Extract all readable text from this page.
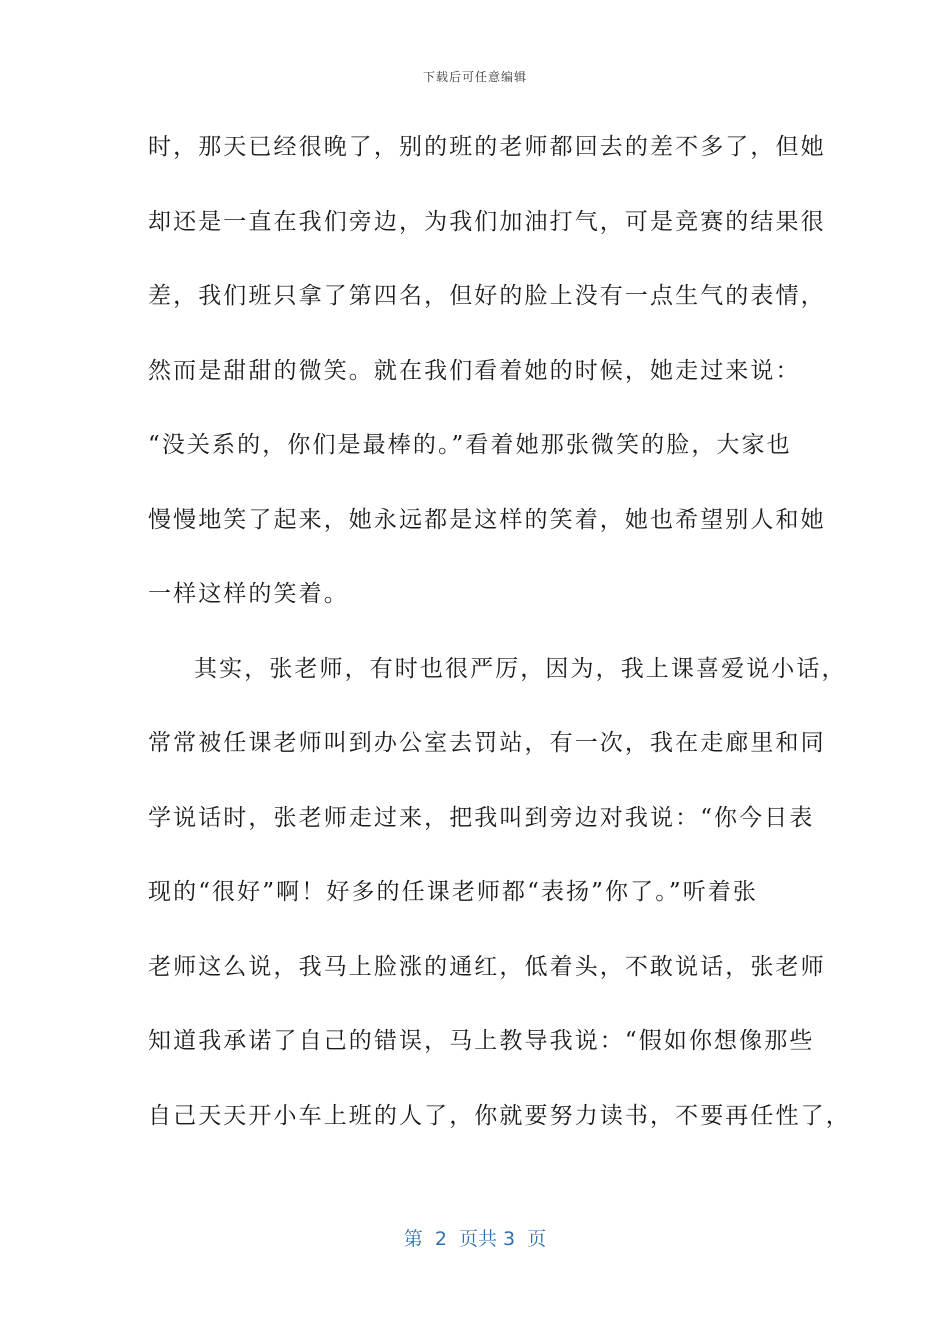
下载后可任意编辑
时，那天已经很晚了，别的班的老师都回去的差不多了，但她
却还是一直在我们旁边，为我们加油打气，可是竞赛的结果很
差，我们班只拿了第四名，但好的脸上没有一点生气的表情，
然而是甜甜的微笑。就在我们看着她的时候，她走过来说：
“没关系的，你们是最棒的。”看着她那张微笑的脸，大家也
慢慢地笑了起来，她永远都是这样的笑着，她也希望别人和她
一样这样的笑着。
其实，张老师，有时也很严厉，因为，我上课喜爱说小话，
常常被任课老师叫到办公室去罚站，有一次，我在走廊里和同
学说话时，张老师走过来，把我叫到旁边对我说：“你今日表
现的“很好”啊！好多的任课老师都“表扬”你了。”听着张
老师这么说，我马上脸涨的通红，低着头，不敢说话，张老师
知道我承诺了自己的错误，马上教导我说：“假如你想像那些
自己天天开小车上班的人了，你就要努力读书，不要再任性了，
第  2  页共 3  页
